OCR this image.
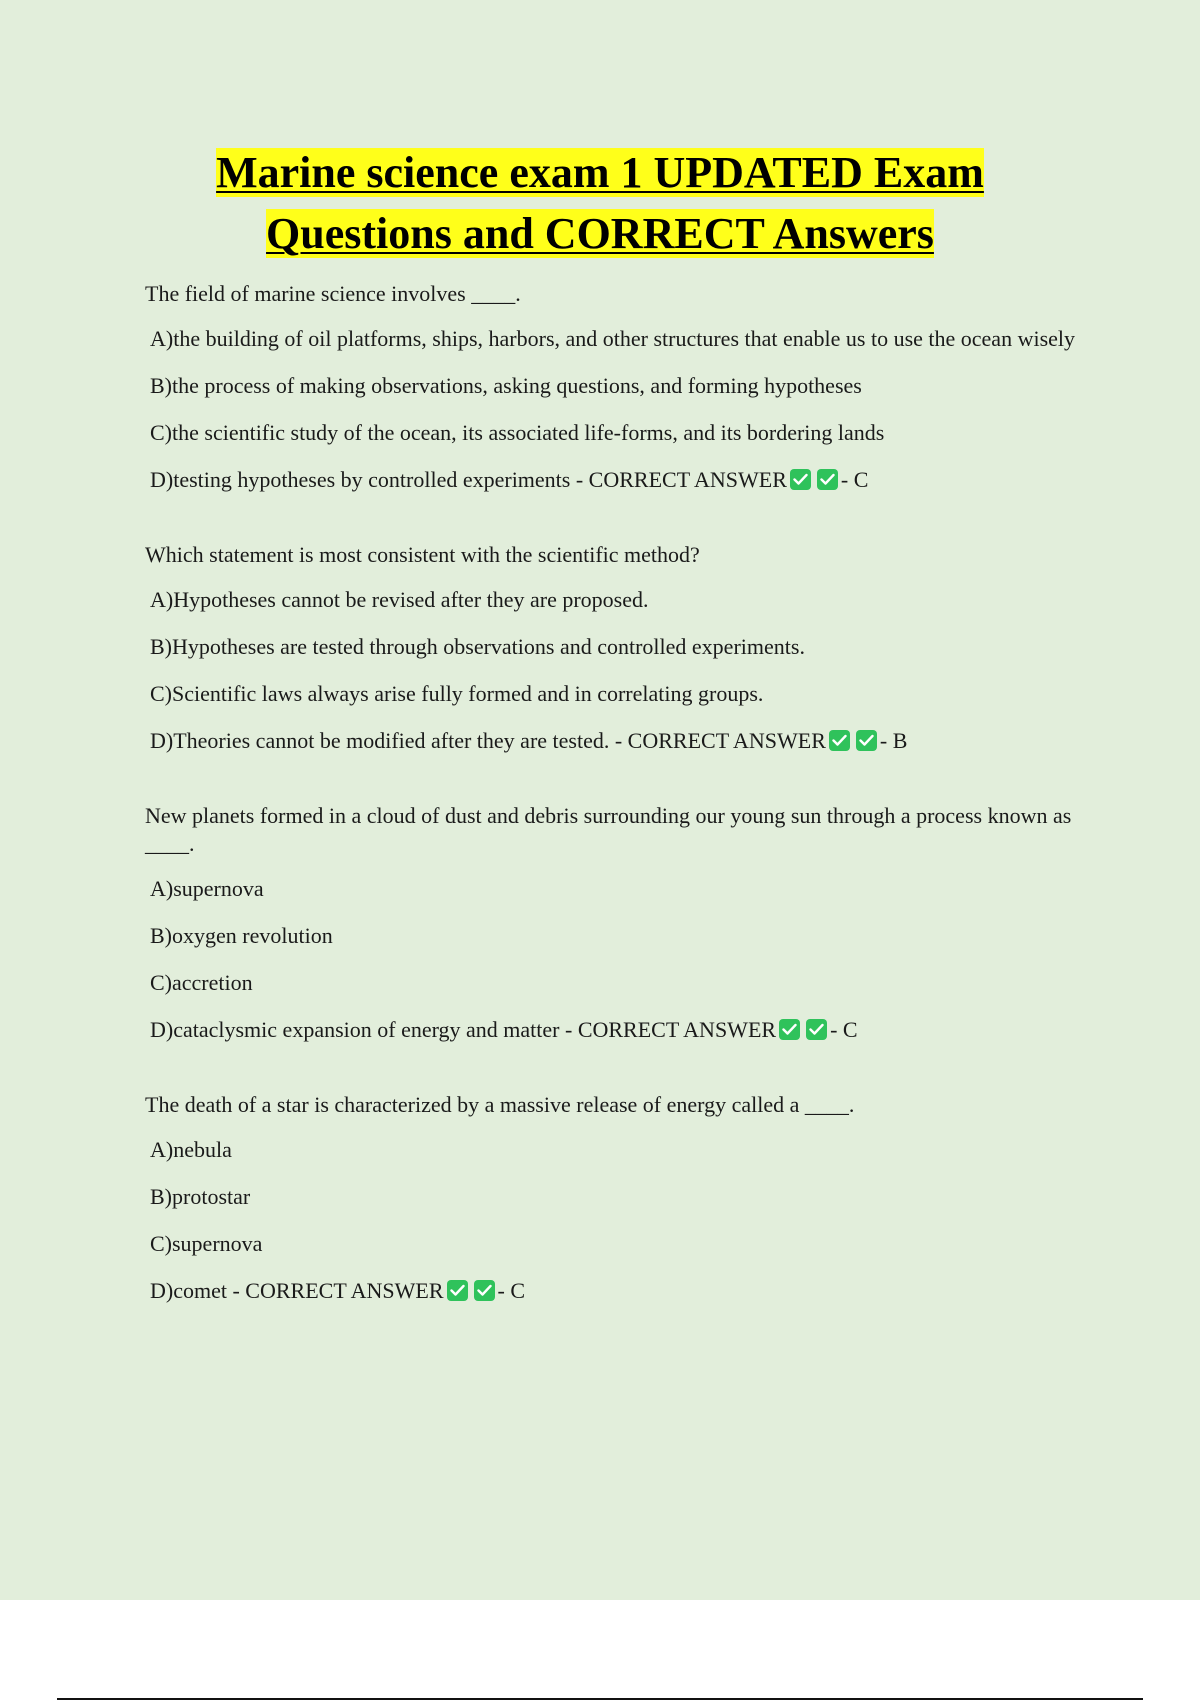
Marine science exam 1 UPDATED Exam
Questions and CORRECT Answers

The field of marine science involves ____.

A)the building of oil platforms, ships, harbors, and other structures that enable us to use the ocean wisely

B)the process of making observations, asking questions, and forming hypotheses

C)the scientific study of the ocean, its associated life-forms, and its bordering lands

D)testing hypotheses by controlled experiments - CORRECT ANSWER - C

Which statement is most consistent with the scientific method?

A)Hypotheses cannot be revised after they are proposed.

B)Hypotheses are tested through observations and controlled experiments.

C)Scientific laws always arise fully formed and in correlating groups.

D)Theories cannot be modified after they are tested. - CORRECT ANSWER - B

New planets formed in a cloud of dust and debris surrounding our young sun through a process known as ____.

A)supernova

B)oxygen revolution

C)accretion

D)cataclysmic expansion of energy and matter - CORRECT ANSWER - C

The death of a star is characterized by a massive release of energy called a ____.

A)nebula

B)protostar

C)supernova

D)comet - CORRECT ANSWER - C
